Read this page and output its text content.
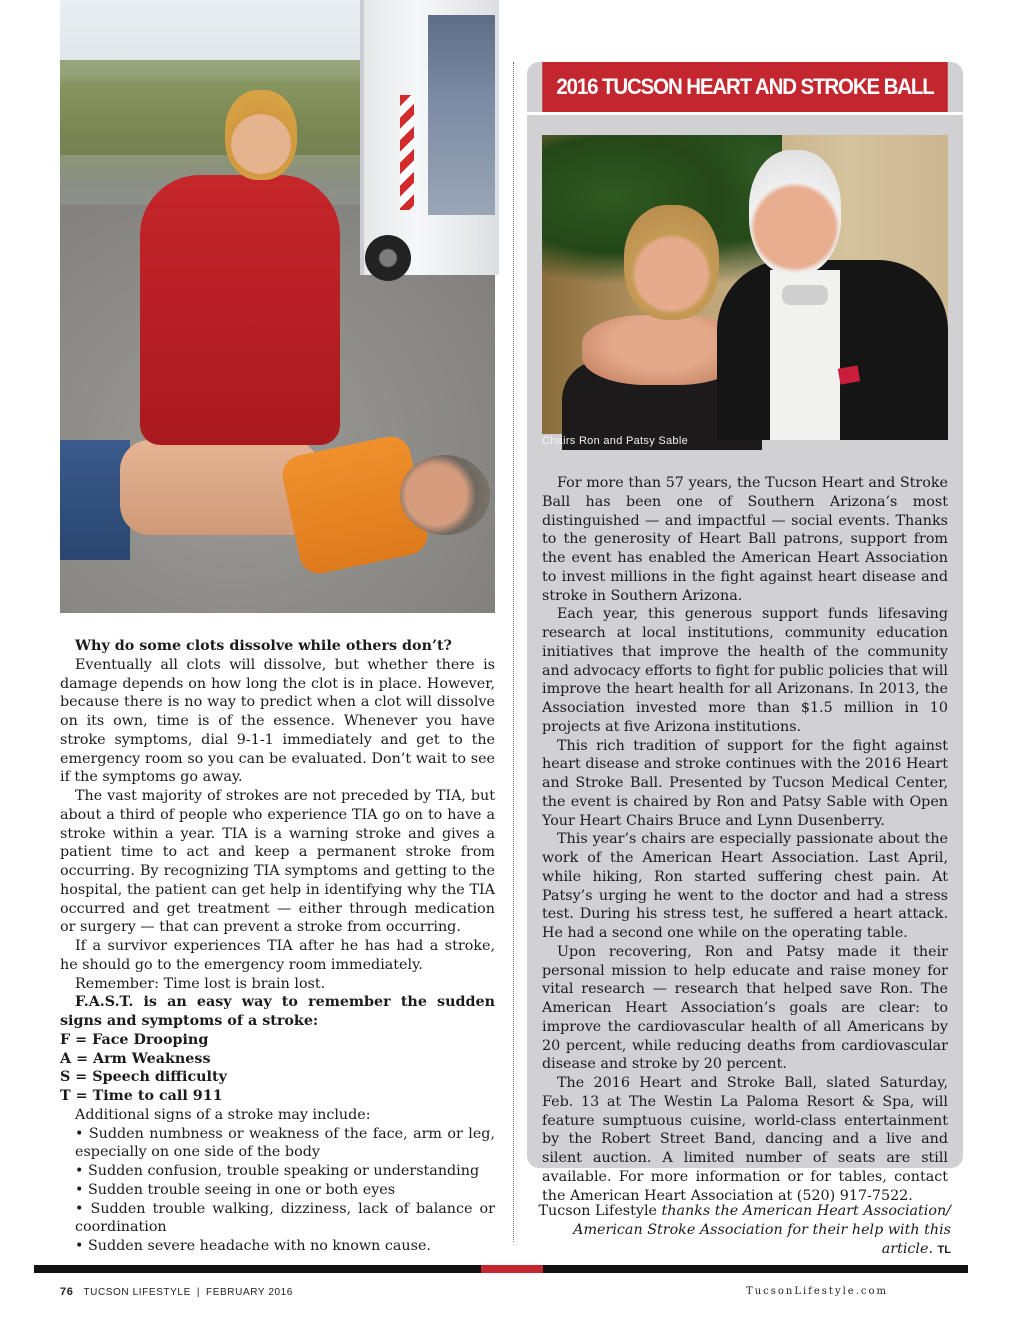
Why do some clots dissolve while others don’t?

Eventually all clots will dissolve, but whether there is damage depends on how long the clot is in place. However, because there is no way to predict when a clot will dissolve on its own, time is of the essence. Whenever you have stroke symptoms, dial 9-1-1 immediately and get to the emergency room so you can be evaluated. Don’t wait to see if the symptoms go away.

The vast majority of strokes are not preceded by TIA, but about a third of people who experience TIA go on to have a stroke within a year. TIA is a warning stroke and gives a patient time to act and keep a permanent stroke from occurring. By recognizing TIA symptoms and getting to the hospital, the patient can get help in identifying why the TIA occurred and get treatment — either through medication or surgery — that can prevent a stroke from occurring.

If a survivor experiences TIA after he has had a stroke, he should go to the emergency room immediately.

Remember: Time lost is brain lost.

F.A.S.T. is an easy way to remember the sudden signs and symptoms of a stroke:

F = Face Drooping

A = Arm Weakness

S = Speech difficulty

T = Time to call 911

Additional signs of a stroke may include:

• Sudden numbness or weakness of the face, arm or leg, especially on one side of the body

• Sudden confusion, trouble speaking or understanding

• Sudden trouble seeing in one or both eyes

• Sudden trouble walking, dizziness, lack of balance or coordination

• Sudden severe headache with no known cause.

2016 TUCSON HEART AND STROKE BALL
Chairs Ron and Patsy Sable

For more than 57 years, the Tucson Heart and Stroke Ball has been one of Southern Arizona’s most distinguished — and impactful — social events. Thanks to the generosity of Heart Ball patrons, support from the event has enabled the American Heart Association to invest millions in the fight against heart disease and stroke in Southern Arizona.

Each year, this generous support funds lifesaving research at local institutions, community education initiatives that improve the health of the community and advocacy efforts to fight for public policies that will improve the heart health for all Arizonans. In 2013, the Association invested more than $1.5 million in 10 projects at five Arizona institutions.

This rich tradition of support for the fight against heart disease and stroke continues with the 2016 Heart and Stroke Ball. Presented by Tucson Medical Center, the event is chaired by Ron and Patsy Sable with Open Your Heart Chairs Bruce and Lynn Dusenberry.

This year’s chairs are especially passionate about the work of the American Heart Association. Last April, while hiking, Ron started suffering chest pain. At Patsy’s urging he went to the doctor and had a stress test. During his stress test, he suffered a heart attack. He had a second one while on the operating table.

Upon recovering, Ron and Patsy made it their personal mission to help educate and raise money for vital research — research that helped save Ron. The American Heart Association’s goals are clear: to improve the cardiovascular health of all Americans by 20 percent, while reducing deaths from cardiovascular disease and stroke by 20 percent.

The 2016 Heart and Stroke Ball, slated Saturday, Feb. 13 at The Westin La Paloma Resort & Spa, will feature sumptuous cuisine, world-class entertainment by the Robert Street Band, dancing and a live and silent auction. A limited number of seats are still available. For more information or for tables, contact the American Heart Association at (520) 917-7522.

Tucson Lifestyle thanks the American Heart Association/ American Stroke Association for their help with this article. TL
76 TUCSON LIFESTYLE | FEBRUARY 2016	TucsonLifestyle.com
